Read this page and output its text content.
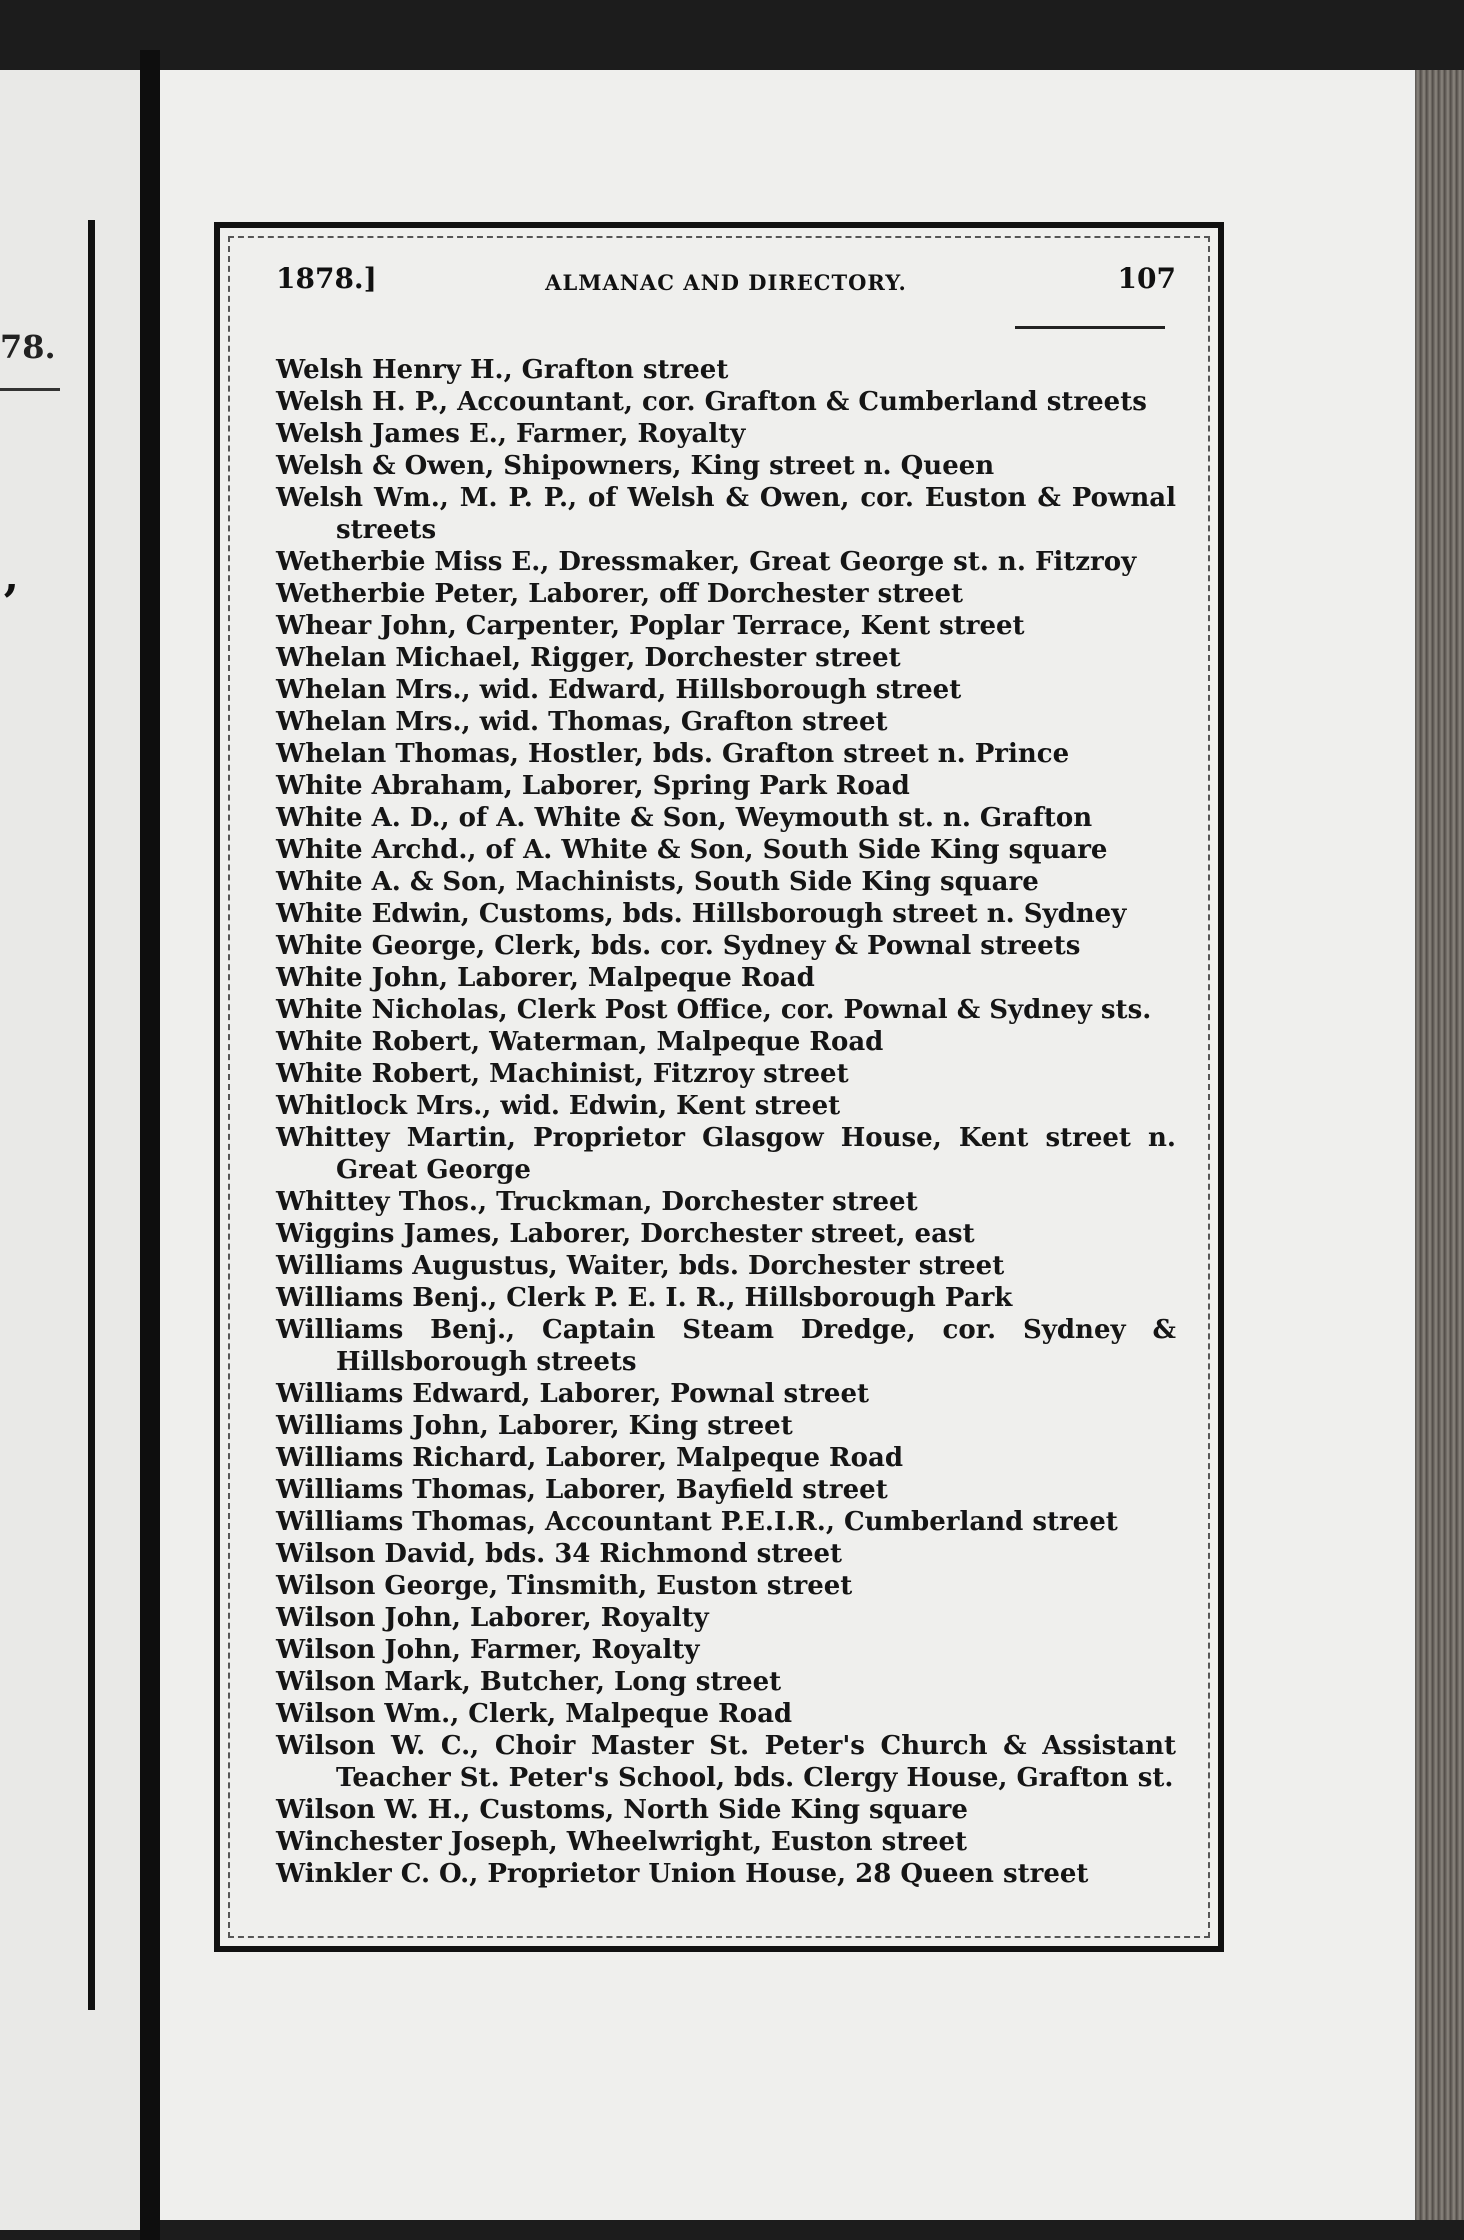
78.
’
1878.]	ALMANAC AND DIRECTORY.	107
Welsh Henry H., Grafton street
Welsh H. P., Accountant, cor. Grafton & Cumberland streets
Welsh James E., Farmer, Royalty
Welsh & Owen, Shipowners, King street n. Queen
Welsh Wm., M. P. P., of Welsh & Owen, cor. Euston & Pownal streets
Wetherbie Miss E., Dressmaker, Great George st. n. Fitzroy
Wetherbie Peter, Laborer, off Dorchester street
Whear John, Carpenter, Poplar Terrace, Kent street
Whelan Michael, Rigger, Dorchester street
Whelan Mrs., wid. Edward, Hillsborough street
Whelan Mrs., wid. Thomas, Grafton street
Whelan Thomas, Hostler, bds. Grafton street n. Prince
White Abraham, Laborer, Spring Park Road
White A. D., of A. White & Son, Weymouth st. n. Grafton
White Archd., of A. White & Son, South Side King square
White A. & Son, Machinists, South Side King square
White Edwin, Customs, bds. Hillsborough street n. Sydney
White George, Clerk, bds. cor. Sydney & Pownal streets
White John, Laborer, Malpeque Road
White Nicholas, Clerk Post Office, cor. Pownal & Sydney sts.
White Robert, Waterman, Malpeque Road
White Robert, Machinist, Fitzroy street
Whitlock Mrs., wid. Edwin, Kent street
Whittey Martin, Proprietor Glasgow House, Kent street n. Great George
Whittey Thos., Truckman, Dorchester street
Wiggins James, Laborer, Dorchester street, east
Williams Augustus, Waiter, bds. Dorchester street
Williams Benj., Clerk P. E. I. R., Hillsborough Park
Williams Benj., Captain Steam Dredge, cor. Sydney & Hillsborough streets
Williams Edward, Laborer, Pownal street
Williams John, Laborer, King street
Williams Richard, Laborer, Malpeque Road
Williams Thomas, Laborer, Bayfield street
Williams Thomas, Accountant P.E.I.R., Cumberland street
Wilson David, bds. 34 Richmond street
Wilson George, Tinsmith, Euston street
Wilson John, Laborer, Royalty
Wilson John, Farmer, Royalty
Wilson Mark, Butcher, Long street
Wilson Wm., Clerk, Malpeque Road
Wilson W. C., Choir Master St. Peter's Church & Assistant Teacher St. Peter's School, bds. Clergy House, Grafton st.
Wilson W. H., Customs, North Side King square
Winchester Joseph, Wheelwright, Euston street
Winkler C. O., Proprietor Union House, 28 Queen street
